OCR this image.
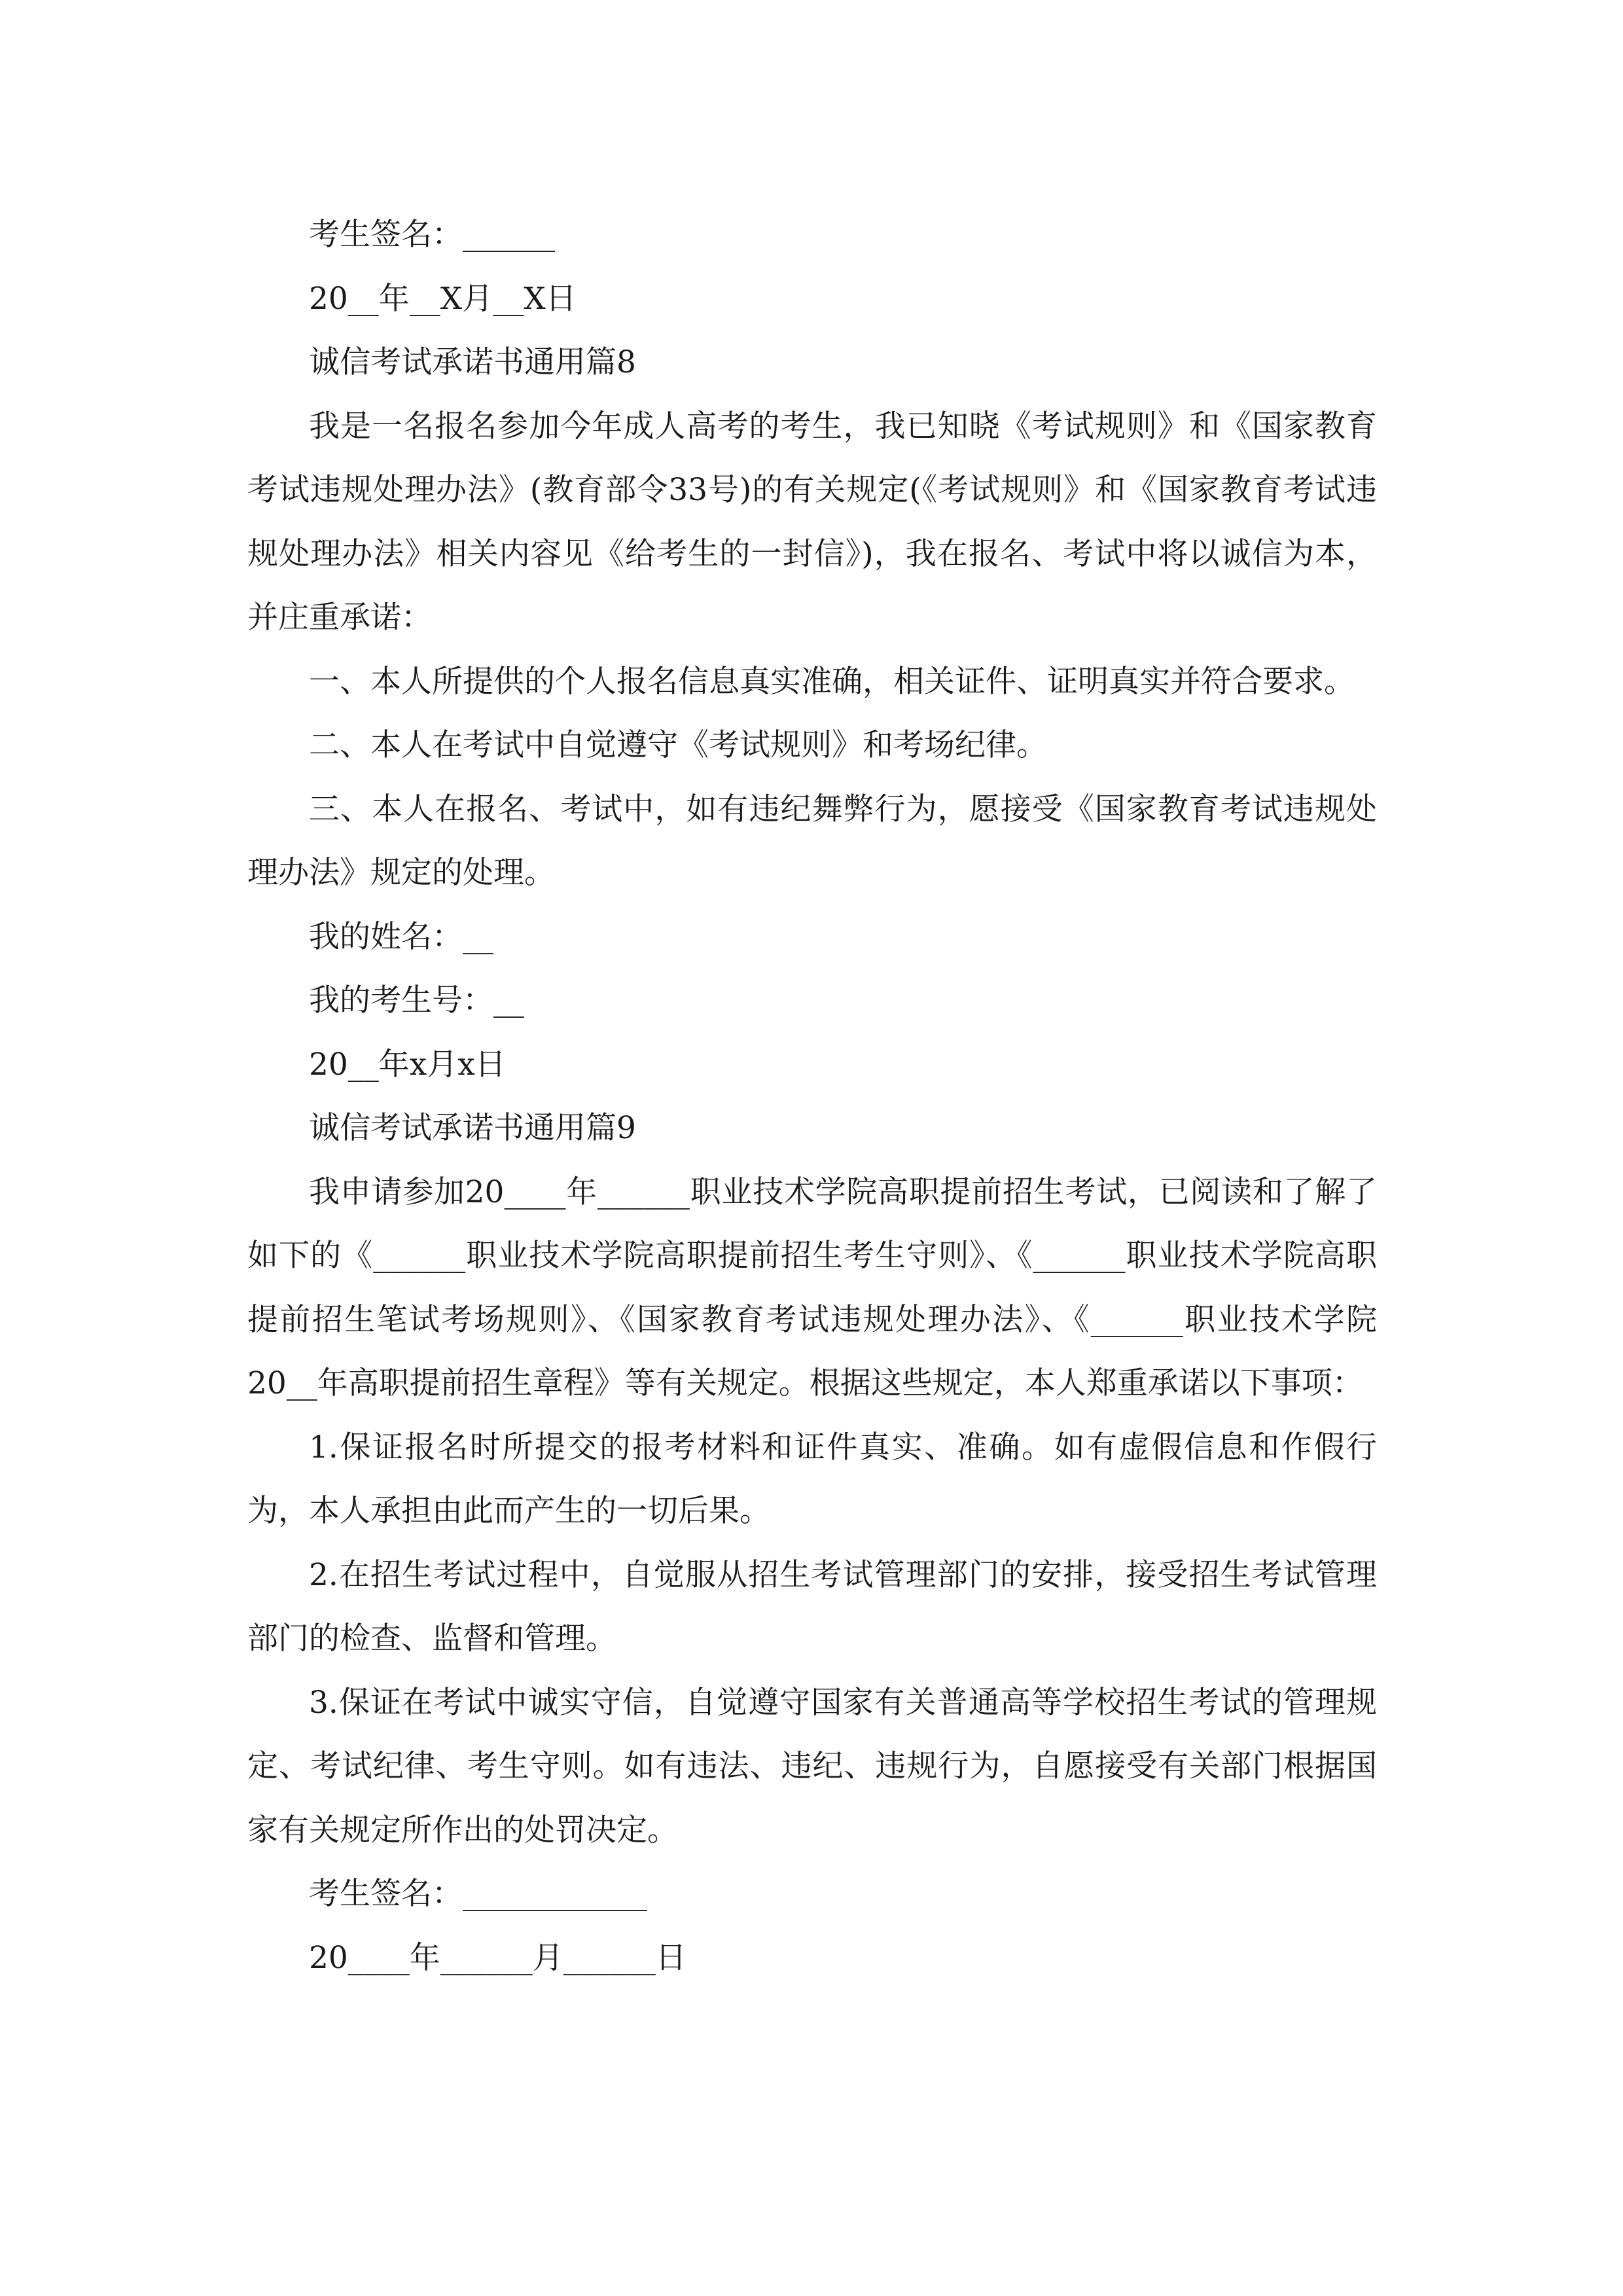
考生签名：______

20__年__X月__X日

诚信考试承诺书通用篇8

我是一名报名参加今年成人高考的考生，我已知晓《考试规则》和《国家教育考试违规处理办法》(教育部令33号)的有关规定(《考试规则》和《国家教育考试违规处理办法》相关内容见《给考生的一封信》)，我在报名、考试中将以诚信为本，并庄重承诺：

一、本人所提供的个人报名信息真实准确，相关证件、证明真实并符合要求。

二、本人在考试中自觉遵守《考试规则》和考场纪律。

三、本人在报名、考试中，如有违纪舞弊行为，愿接受《国家教育考试违规处理办法》规定的处理。

我的姓名：__

我的考生号：__

20__年x月x日

诚信考试承诺书通用篇9

我申请参加20____年______职业技术学院高职提前招生考试，已阅读和了解了如下的《______职业技术学院高职提前招生考生守则》、《______职业技术学院高职提前招生笔试考场规则》、《国家教育考试违规处理办法》、《______职业技术学院20__年高职提前招生章程》等有关规定。根据这些规定，本人郑重承诺以下事项：

1.保证报名时所提交的报考材料和证件真实、准确。如有虚假信息和作假行为，本人承担由此而产生的一切后果。

2.在招生考试过程中，自觉服从招生考试管理部门的安排，接受招生考试管理部门的检查、监督和管理。

3.保证在考试中诚实守信，自觉遵守国家有关普通高等学校招生考试的管理规定、考试纪律、考生守则。如有违法、违纪、违规行为，自愿接受有关部门根据国家有关规定所作出的处罚决定。

考生签名：____________

20____年______月______日
